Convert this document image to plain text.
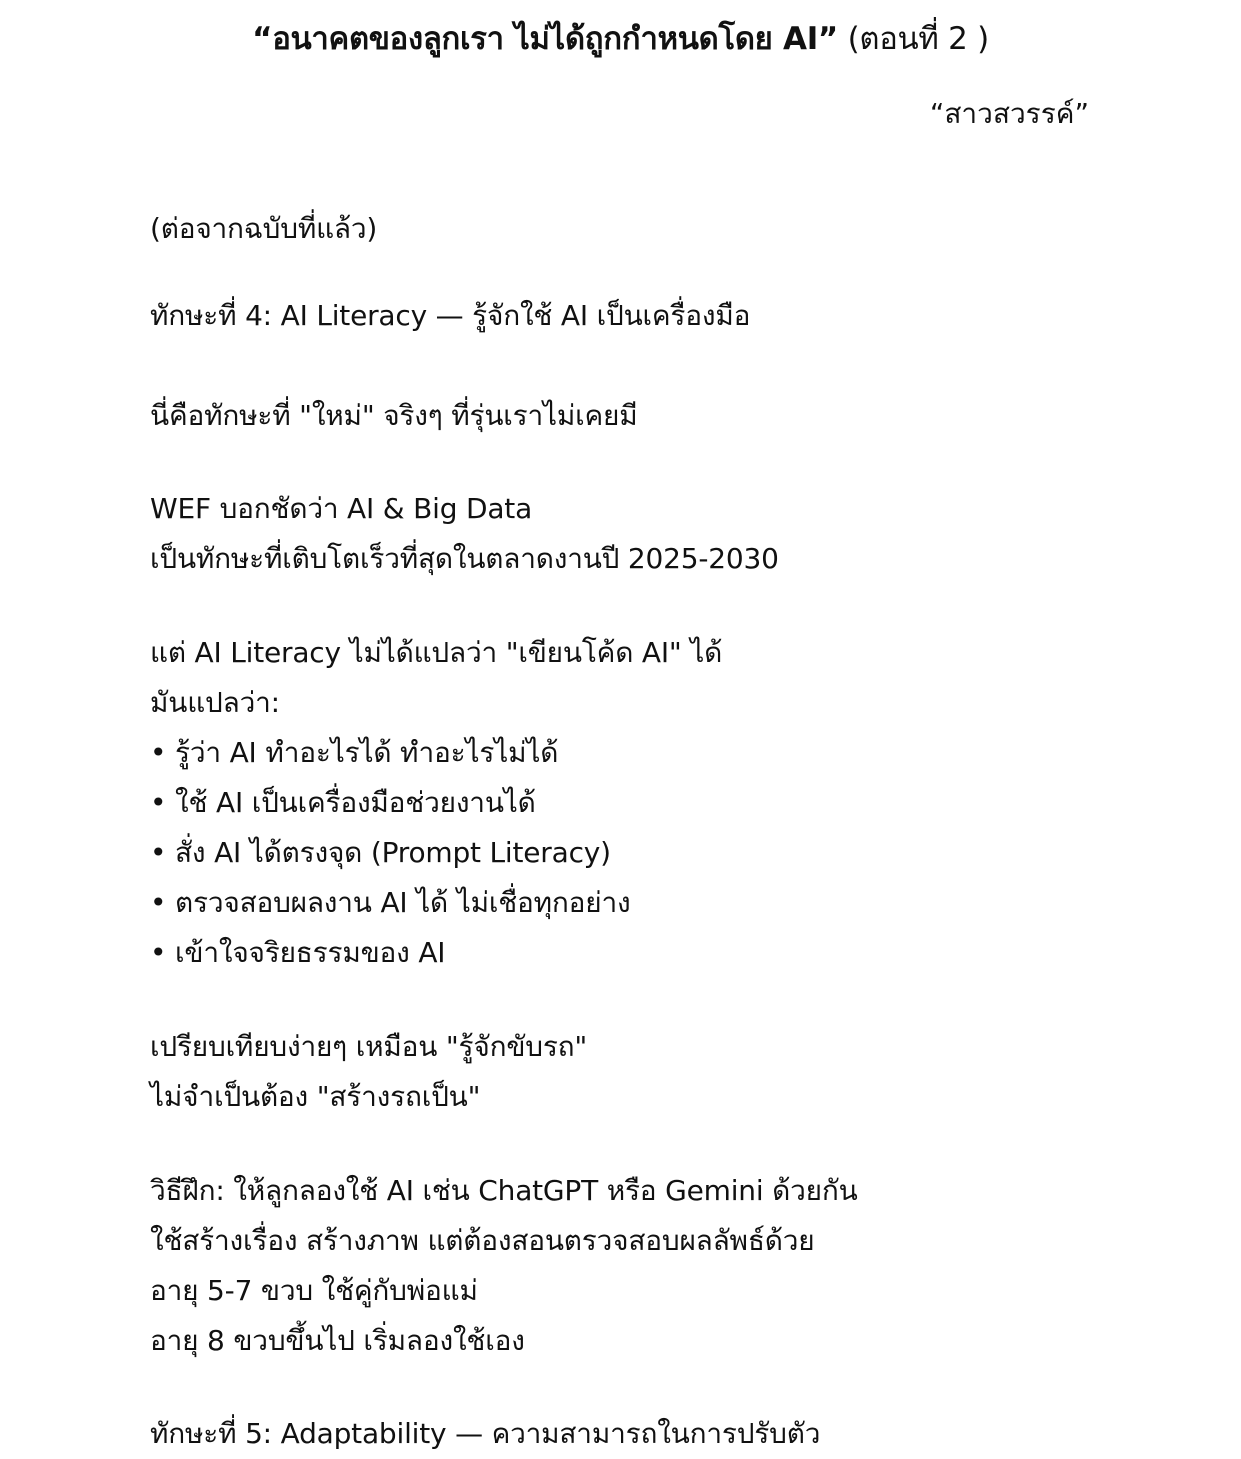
“อนาคตของลูกเรา ไม่ได้ถูกกำหนดโดย AI” (ตอนที่ 2 )
“สาวสวรรค์”
(ต่อจากฉบับที่แล้ว)
ทักษะที่ 4: AI Literacy — รู้จักใช้ AI เป็นเครื่องมือ
นี่คือทักษะที่ "ใหม่" จริงๆ ที่รุ่นเราไม่เคยมี
WEF บอกชัดว่า AI & Big Data
เป็นทักษะที่เติบโตเร็วที่สุดในตลาดงานปี 2025-2030
แต่ AI Literacy ไม่ได้แปลว่า "เขียนโค้ด AI" ได้
มันแปลว่า:
• รู้ว่า AI ทำอะไรได้ ทำอะไรไม่ได้
• ใช้ AI เป็นเครื่องมือช่วยงานได้
• สั่ง AI ได้ตรงจุด (Prompt Literacy)
• ตรวจสอบผลงาน AI ได้ ไม่เชื่อทุกอย่าง
• เข้าใจจริยธรรมของ AI
เปรียบเทียบง่ายๆ เหมือน "รู้จักขับรถ"
ไม่จำเป็นต้อง "สร้างรถเป็น"
วิธีฝึก: ให้ลูกลองใช้ AI เช่น ChatGPT หรือ Gemini ด้วยกัน
ใช้สร้างเรื่อง สร้างภาพ แต่ต้องสอนตรวจสอบผลลัพธ์ด้วย
อายุ 5-7 ขวบ ใช้คู่กับพ่อแม่
อายุ 8 ขวบขึ้นไป เริ่มลองใช้เอง
ทักษะที่ 5: Adaptability — ความสามารถในการปรับตัว
